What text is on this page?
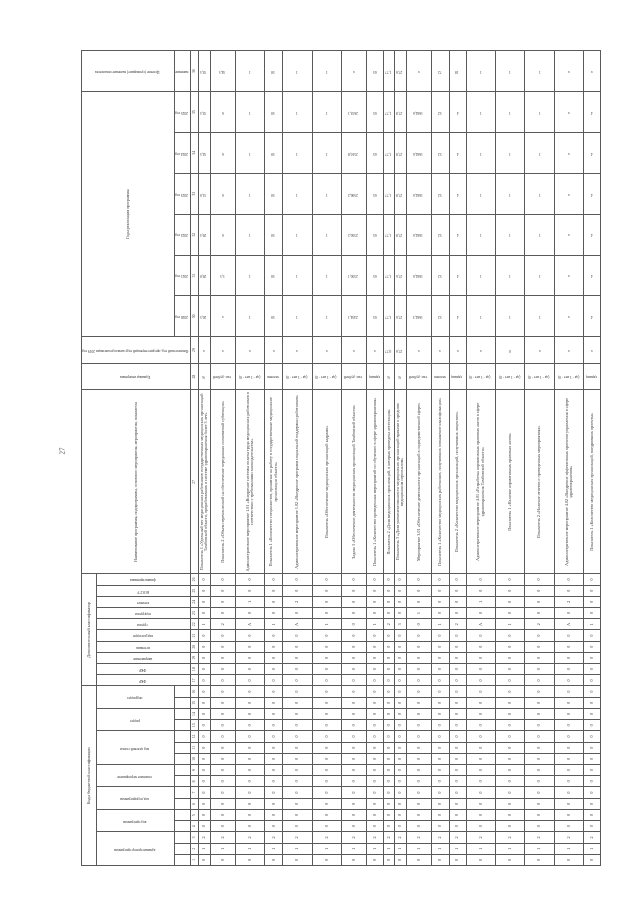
27
Коды бюджетной классификации																Дополнительный классификатор										Наименование программы, подпрограммы, основного мероприятия, мероприятия, показателя	Единица измерения	Фактический год, предшествующий году начала реализации 2019 год	Годы реализации программы						Целевое (суммарное) значение показателя
администратор программы			код программы		код подпрограммы		основное мероприятие		код целевой статьи			раздел		подраздел		ФКР	ФКР	направление	источник	вид расходов	группа	подгруппа	элемент	КОСГУ	финансирования										
																													2020 год	2021 год	2022 год	2023 год	2024 год	2025 год	значение
1	2	3	4	5	6	7	8	9	10	11	12	13	14	15	16	17	18	19	20	21	22	23	24	25	26	27	28	29	30	31	32	33	34	35	36
0	1	2	0	0	0	0	0	0	0	0	0	0	0	0	0	0	0	0	0	0	1	0	0	0	0	Показатель 1 «Удельный вес медицинских работников государственных медицинских организаций Тамбовской области, проработавших в системе здравоохранения более 3 лет»	%	х	26,5	29,0	29,5	31,0	32,5	33,5	33,5
0	1	2	0	0	0	0	0	0	0	0	0	0	0	0	0	0	0	0	0	0	2	0	0	0	0	Показатель 2 «Объем перечисленной на обеспечение переданных полномочий субвенции»	тыс. рублей	х	х	5,5	6	6	6	6	34,5
0	1	2	0	0	0	0	0	0	0	0	0	0	0	0	0	0	0	0	0	0	А	0	1	0	0	Административное мероприятие 1.01 «Внедрение системы оплаты труда медицинских работников в соответствии с требованиями законодательства»	(да - 1 нет - 0)	х	1	1	1	1	1	1	1
0	1	2	0	0	0	0	0	0	0	0	0	0	0	0	0	0	0	0	0	0	1	0	0	0	0	Показатель 1 «Количество специалистов, принятых на работу в государственные медицинские организации области»	человек	х	50	50	50	50	50	50	50
0	1	2	0	0	0	0	0	0	0	0	0	0	0	0	0	0	0	0	0	0	А	0	2	0	0	Административное мероприятие 1.02 «Внедрение программ социальной поддержки работников»	(да - 1 нет - 0)	х	1	1	1	1	1	1	1
0	1	2	0	0	0	0	0	0	0	0	0	0	0	0	0	0	0	0	0	0	1	0	0	0	0	Показатель «Обеспечение медицинских организаций кадрами»	(да - 1 нет - 0)	х	1	1	1	1	1	1	1
0	1	2	0	0	0	0	0	0	0	0	0	0	0	0	0	0	0	0	0	0	0	0	0	0	0	Задача 3 «Обеспечение деятельности медицинских организаций Тамбовской области»	тыс. рублей	х	2434,1	2350,1	2350,2	2506,2	2510,8	2653,1	х
0	1	2	0	0	0	0	0	0	0	0	0	0	0	0	0	0	0	0	0	0	1	0	0	0	0	Показатель 1 «Количество проведенных мероприятий по обучению в сфере здравоохранения»	единиц	х	65	65	65	65	65	65	65
0	1	2	0	0	0	0	0	0	0	0	0	0	0	0	0	0	0	0	0	0	2	0	0	0	0	Показатель 2 «Доля медицинских организаций, в которых проведена аттестация»	%	0,77	1,77	1,77	1,77	1,77	1,77	1,77	1,77
0	1	2	0	0	0	0	0	0	0	0	0	0	0	0	0	0	0	0	0	0	3	0	0	0	0	Показатель 3 «Доля укомплектованности медицинских организаций врачами и средним медицинским персоналом»	%	27,6	27,6	27,6	27,8	27,8	27,8	27,8	27,6
0	1	2	0	0	0	0	0	0	0	0	0	0	0	0	0	0	0	0	0	0	0	1	0	0	0	Мероприятие 3.01 «Обеспечение деятельности организаций в подведомственной сфере»	тыс. рублей	х	1662,3	1662,6	1662,6	1662,6	1662,6	1662,6	х
0	1	2	0	0	0	0	0	0	0	0	0	0	0	0	0	0	0	0	0	0	1	0	0	0	0	Показатель 1 «Количество медицинских работников, получивших повышение квалификации»	человек	х	52	52	52	52	52	52	72
0	1	2	0	0	0	0	0	0	0	0	0	0	0	0	0	0	0	0	0	0	2	0	0	0	0	Показатель 2 «Количество медицинских организаций, получивших лицензию»	единиц	х	4	4	4	4	4	4	18
0	1	2	0	0	0	0	0	0	0	0	0	0	0	0	0	0	0	0	0	0	А	0	1	0	0	Административное мероприятие 4.01 «Разработка нормативных правовых актов в сфере здравоохранения Тамбовской области»	(да - 1 нет - 0)	х	1	1	1	1	1	1	1
0	1	2	0	0	0	0	0	0	0	0	0	0	0	0	0	0	0	0	0	0	1	0	0	0	0	Показатель 1 «Наличие нормативных правовых актов»	(да - 1 нет - 0)	0	1	1	1	1	1	1	1
0	1	2	0	0	0	0	0	0	0	0	0	0	0	0	0	0	0	0	0	0	2	0	0	0	0	Показатель 2 «Наличие отчетов о проведенных мероприятиях»	(да - 1 нет - 0)	х	1	1	1	1	1	1	1
0	1	2	0	0	0	0	0	0	0	0	0	0	0	0	0	0	0	0	0	0	А	0	2	0	0	Административное мероприятие 4.02 «Внедрение эффективных проектов управления в сфере здравоохранения»	(да - 1 нет - 0)	х	х	х	х	х	х	х	х
0	1	2	0	0	0	0	0	0	0	0	0	0	0	0	0	0	0	0	0	0	1	0	0	0	0	Показатель 1 «Количество медицинских организаций, внедривших проекты»	единиц	х	4	4	4	4	4	4	х
